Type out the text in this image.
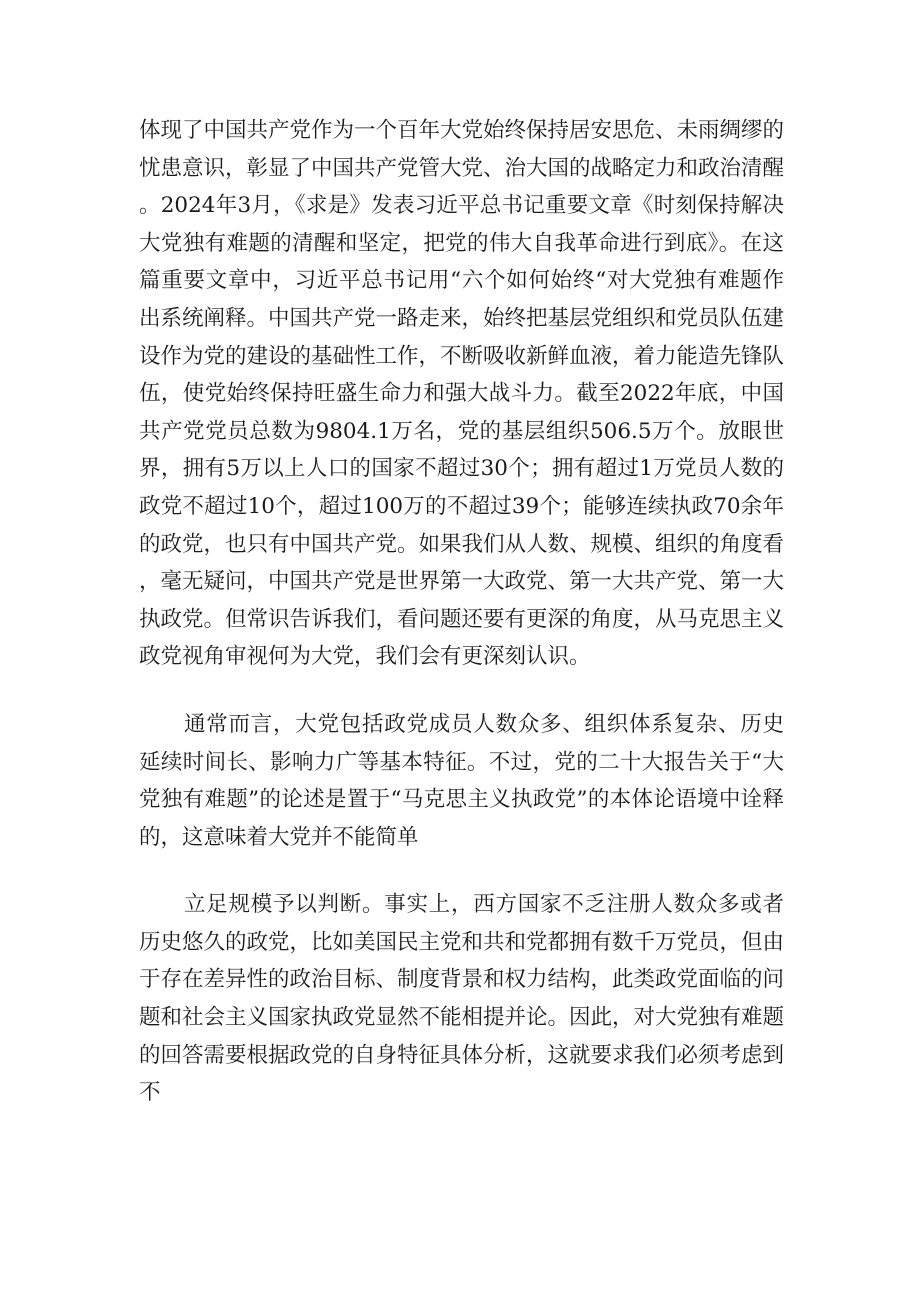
体现了中国共产党作为一个百年大党始终保持居安思危、未雨绸缪的忧患意识，彰显了中国共产党管大党、治大国的战略定力和政治清醒。2024年3月，《求是》发表习近平总书记重要文章《时刻保持解决大党独有难题的清醒和坚定，把党的伟大自我革命进行到底》。在这篇重要文章中，习近平总书记用“六个如何始终“对大党独有难题作出系统阐释。中国共产党一路走来，始终把基层党组织和党员队伍建设作为党的建设的基础性工作，不断吸收新鲜血液，着力能造先锋队伍，使党始终保持旺盛生命力和强大战斗力。截至2022年底，中国共产党党员总数为9804.1万名，党的基层组织506.5万个。放眼世界，拥有5万以上人口的国家不超过30个；拥有超过1万党员人数的政党不超过10个，超过100万的不超过39个；能够连续执政70余年的政党，也只有中国共产党。如果我们从人数、规模、组织的角度看，毫无疑问，中国共产党是世界第一大政党、第一大共产党、第一大执政党。但常识告诉我们，看问题还要有更深的角度，从马克思主义政党视角审视何为大党，我们会有更深刻认识。

通常而言，大党包括政党成员人数众多、组织体系复杂、历史延续时间长、影响力广等基本特征。不过，党的二十大报告关于“大党独有难题”的论述是置于“马克思主义执政党”的本体论语境中诠释的，这意味着大党并不能简单

立足规模予以判断。事实上，西方国家不乏注册人数众多或者历史悠久的政党，比如美国民主党和共和党都拥有数千万党员，但由于存在差异性的政治目标、制度背景和权力结构，此类政党面临的问题和社会主义国家执政党显然不能相提并论。因此，对大党独有难题的回答需要根据政党的自身特征具体分析，这就要求我们必须考虑到不
